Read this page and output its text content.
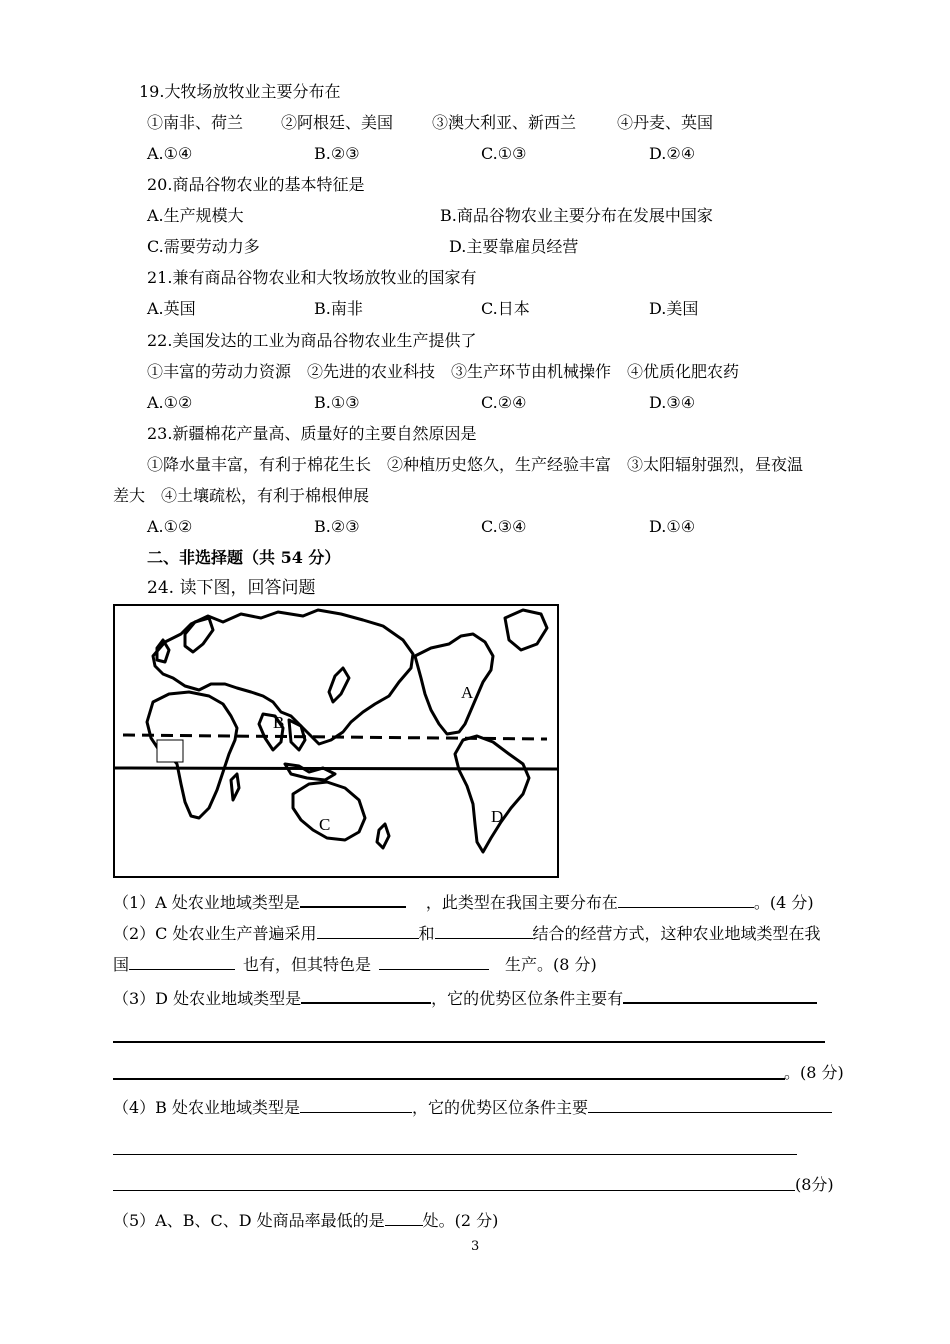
19.大牧场放牧业主要分布在
①南非、荷兰 ②阿根廷、美国 ③澳大利亚、新西兰	④丹麦、英国
A.①④	B.②③	C.①③	D.②④
20.商品谷物农业的基本特征是
A.生产规模大	B.商品谷物农业主要分布在发展中国家
C.需要劳动力多	D.主要靠雇员经营
21.兼有商品谷物农业和大牧场放牧业的国家有
A.英国	B.南非	C.日本	D.美国
22.美国发达的工业为商品谷物农业生产提供了
①丰富的劳动力资源　②先进的农业科技　③生产环节由机械操作　④优质化肥农药
A.①②	B.①③	C.②④	D.③④
23.新疆棉花产量高、质量好的主要自然原因是
①降水量丰富，有利于棉花生长　②种植历史悠久，生产经验丰富　③太阳辐射强烈，昼夜温
差大　④土壤疏松，有利于棉根伸展
A.①②	B.②③	C.③④	D.①④
二、非选择题（共 54 分）
24. 读下图，回答问题
A
B
C	D
（1）A 处农业地域类型是	，此类型在我国主要分布在	。(4 分)
（2）C 处农业生产普遍采用	和	结合的经营方式，这种农业地域类型在我
国	也有，但其特色是	生产。(8 分)
（3）D 处农业地域类型是	，它的优势区位条件主要有
。(8 分)
（4）B 处农业地域类型是	，它的优势区位条件主要
(8分)
（5）A、B、C、D 处商品率最低的是 处。(2 分)
3
